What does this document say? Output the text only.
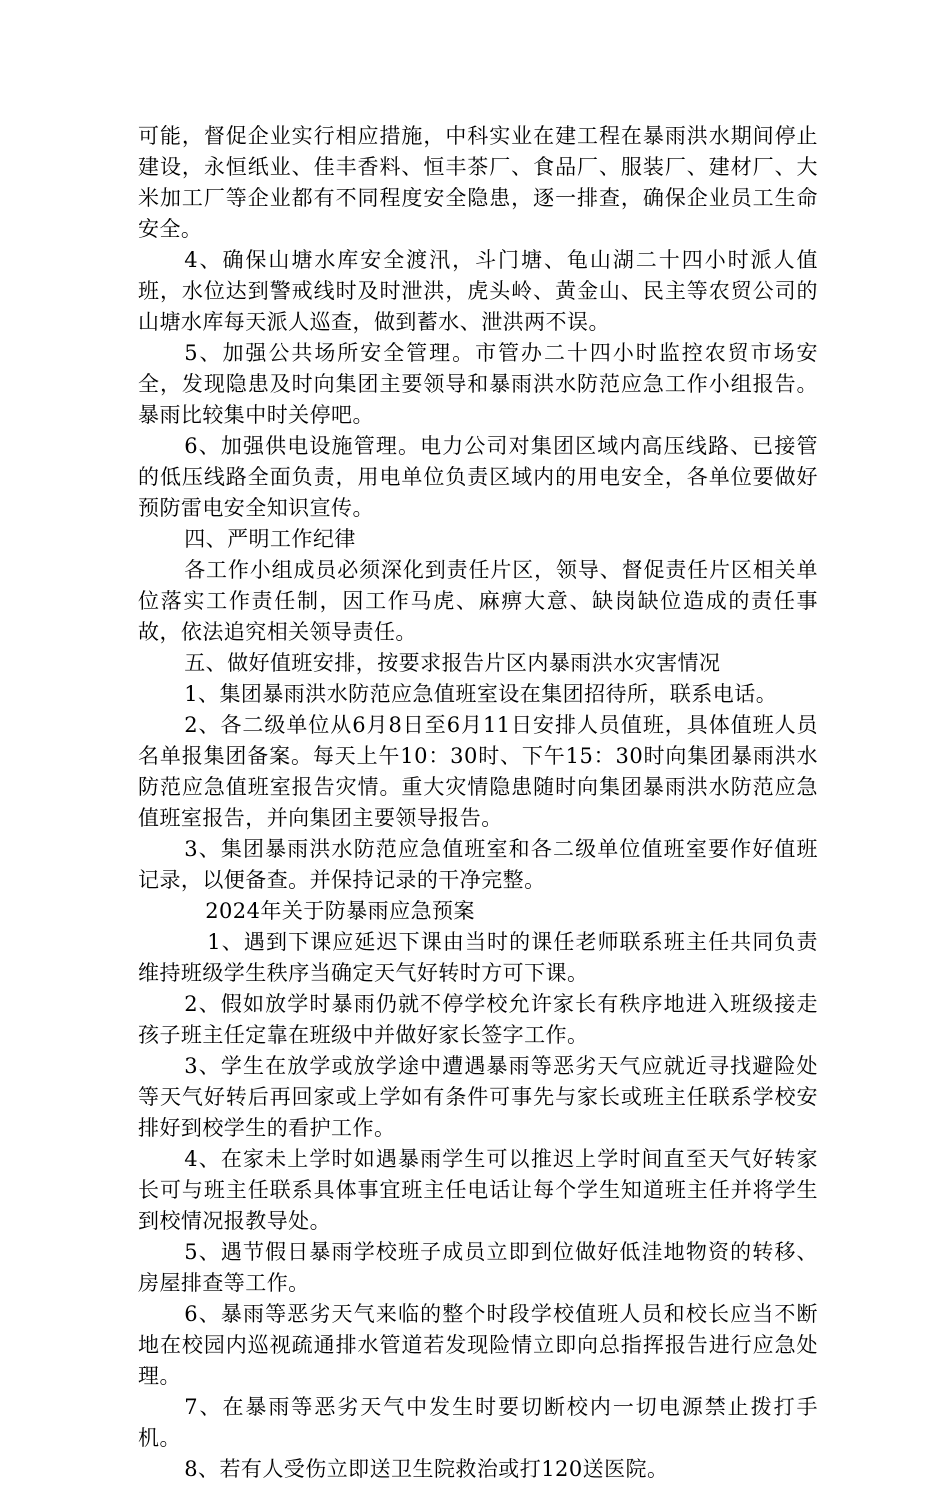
可能，督促企业实行相应措施，中科实业在建工程在暴雨洪水期间停止建设，永恒纸业、佳丰香料、恒丰茶厂、食品厂、服装厂、建材厂、大米加工厂等企业都有不同程度安全隐患，逐一排查，确保企业员工生命安全。

4、确保山塘水库安全渡汛，斗门塘、龟山湖二十四小时派人值班，水位达到警戒线时及时泄洪，虎头岭、黄金山、民主等农贸公司的山塘水库每天派人巡查，做到蓄水、泄洪两不误。

5、加强公共场所安全管理。市管办二十四小时监控农贸市场安全，发现隐患及时向集团主要领导和暴雨洪水防范应急工作小组报告。暴雨比较集中时关停吧。

6、加强供电设施管理。电力公司对集团区域内高压线路、已接管的低压线路全面负责，用电单位负责区域内的用电安全，各单位要做好预防雷电安全知识宣传。

四、严明工作纪律

各工作小组成员必须深化到责任片区，领导、督促责任片区相关单位落实工作责任制，因工作马虎、麻痹大意、缺岗缺位造成的责任事故，依法追究相关领导责任。

五、做好值班安排，按要求报告片区内暴雨洪水灾害情况

1、集团暴雨洪水防范应急值班室设在集团招待所，联系电话。

2、各二级单位从6月8日至6月11日安排人员值班，具体值班人员名单报集团备案。每天上午10：30时、下午15：30时向集团暴雨洪水防范应急值班室报告灾情。重大灾情隐患随时向集团暴雨洪水防范应急值班室报告，并向集团主要领导报告。

3、集团暴雨洪水防范应急值班室和各二级单位值班室要作好值班记录，以便备查。并保持记录的干净完整。

2024年关于防暴雨应急预案

1、遇到下课应延迟下课由当时的课任老师联系班主任共同负责维持班级学生秩序当确定天气好转时方可下课。

2、假如放学时暴雨仍就不停学校允许家长有秩序地进入班级接走孩子班主任定靠在班级中并做好家长签字工作。

3、学生在放学或放学途中遭遇暴雨等恶劣天气应就近寻找避险处等天气好转后再回家或上学如有条件可事先与家长或班主任联系学校安排好到校学生的看护工作。

4、在家未上学时如遇暴雨学生可以推迟上学时间直至天气好转家长可与班主任联系具体事宜班主任电话让每个学生知道班主任并将学生到校情况报教导处。

5、遇节假日暴雨学校班子成员立即到位做好低洼地物资的转移、房屋排查等工作。

6、暴雨等恶劣天气来临的整个时段学校值班人员和校长应当不断地在校园内巡视疏通排水管道若发现险情立即向总指挥报告进行应急处理。

7、在暴雨等恶劣天气中发生时要切断校内一切电源禁止拨打手机。

8、若有人受伤立即送卫生院救治或打120送医院。
